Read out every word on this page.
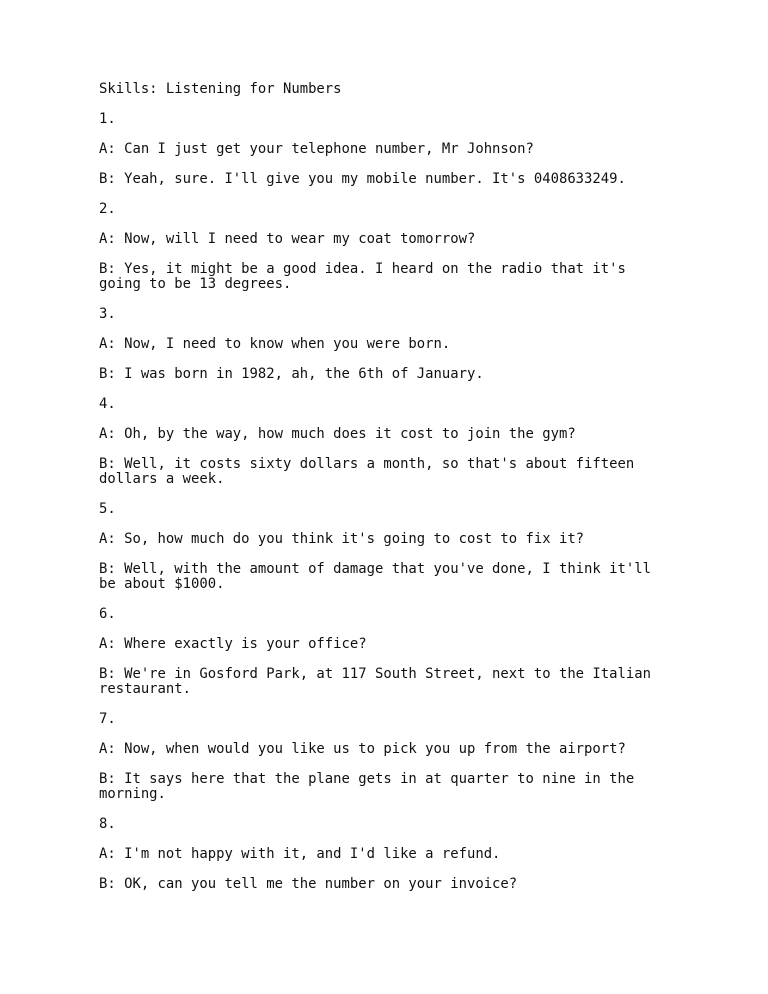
Skills: Listening for Numbers
1.
A: Can I just get your telephone number, Mr Johnson?
B: Yeah, sure. I'll give you my mobile number. It's 0408633249.
2.
A: Now, will I need to wear my coat tomorrow?
B: Yes, it might be a good idea. I heard on the radio that it's
going to be 13 degrees.
3.
A: Now, I need to know when you were born.
B: I was born in 1982, ah, the 6th of January.
4.
A: Oh, by the way, how much does it cost to join the gym?
B: Well, it costs sixty dollars a month, so that's about fifteen
dollars a week.
5.
A: So, how much do you think it's going to cost to fix it?
B: Well, with the amount of damage that you've done, I think it'll
be about $1000.
6.
A: Where exactly is your office?
B: We're in Gosford Park, at 117 South Street, next to the Italian
restaurant.
7.
A: Now, when would you like us to pick you up from the airport?
B: It says here that the plane gets in at quarter to nine in the
morning.
8.
A: I'm not happy with it, and I'd like a refund.
B: OK, can you tell me the number on your invoice?
